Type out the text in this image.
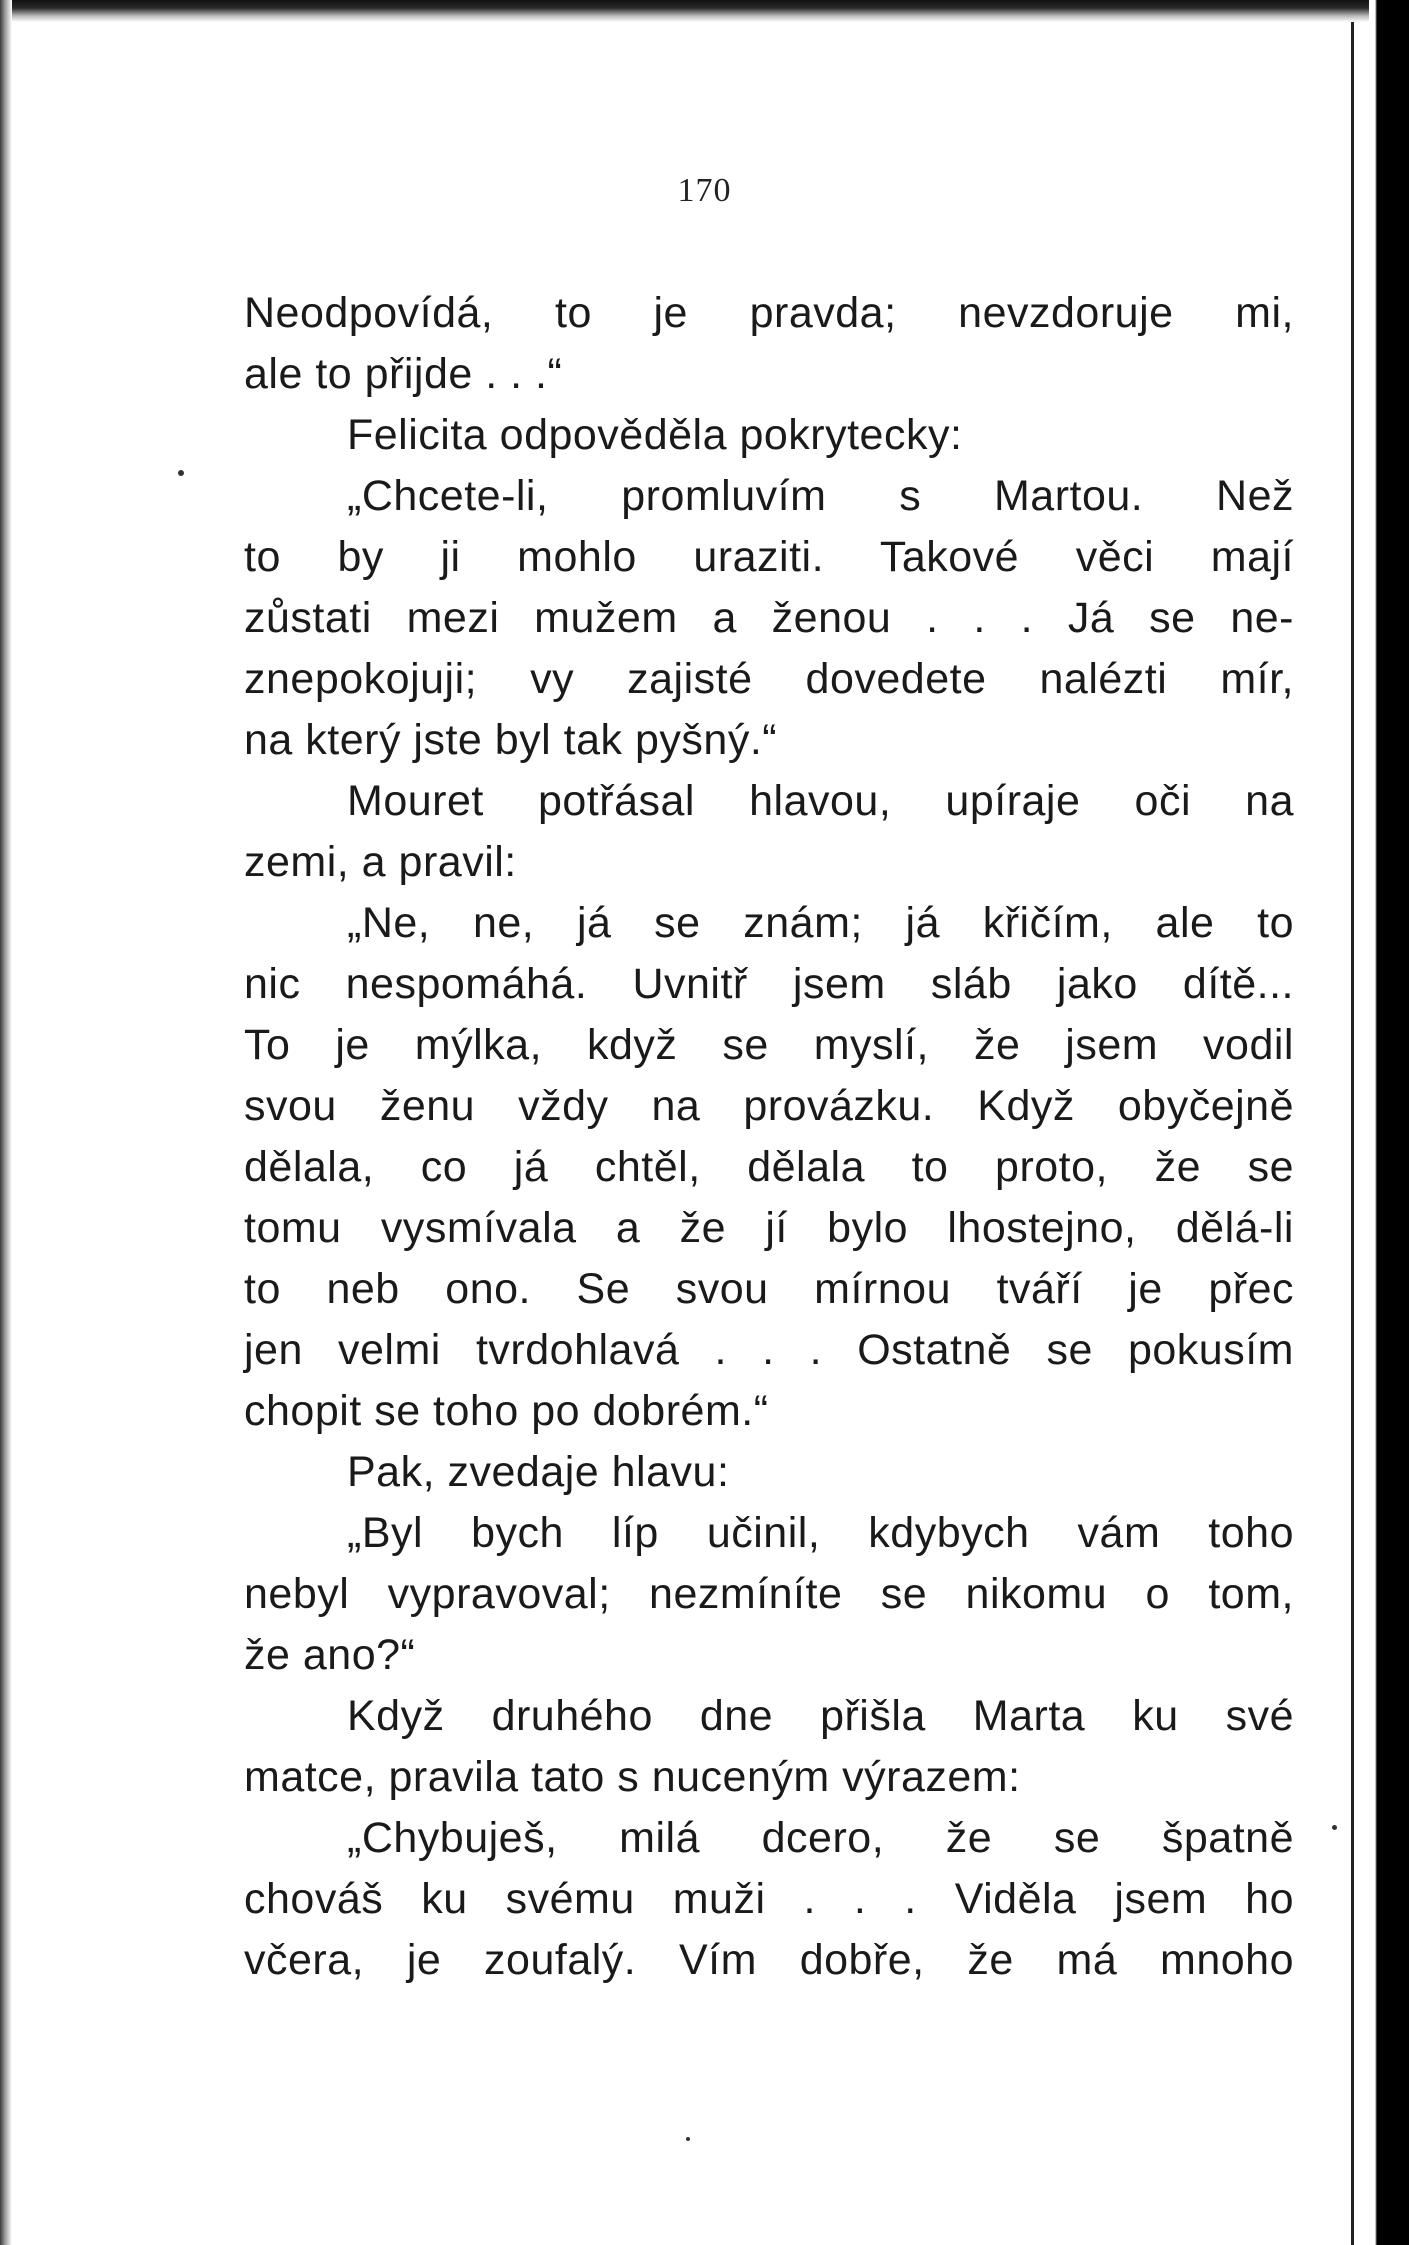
170
Neodpovídá, to je pravda; nevzdoruje mi,
ale to přijde . . .“
Felicita odpověděla pokrytecky:
„Chcete-li, promluvím s Martou. Než
to by ji mohlo uraziti. Takové věci mají
zůstati mezi mužem a ženou . . . Já se ne-
znepokojuji; vy zajisté dovedete nalézti mír,
na který jste byl tak pyšný.“
Mouret potřásal hlavou, upíraje oči na
zemi, a pravil:
„Ne, ne, já se znám; já křičím, ale to
nic nespomáhá. Uvnitř jsem sláb jako dítě...
To je mýlka, když se myslí, že jsem vodil
svou ženu vždy na provázku. Když obyčejně
dělala, co já chtěl, dělala to proto, že se
tomu vysmívala a že jí bylo lhostejno, dělá-li
to neb ono. Se svou mírnou tváří je přec
jen velmi tvrdohlavá . . . Ostatně se pokusím
chopit se toho po dobrém.“
Pak, zvedaje hlavu:
„Byl bych líp učinil, kdybych vám toho
nebyl vypravoval; nezmíníte se nikomu o tom,
že ano?“
Když druhého dne přišla Marta ku své
matce, pravila tato s nuceným výrazem:
„Chybuješ, milá dcero, že se špatně
chováš ku svému muži . . . Viděla jsem ho
včera, je zoufalý. Vím dobře, že má mnoho
